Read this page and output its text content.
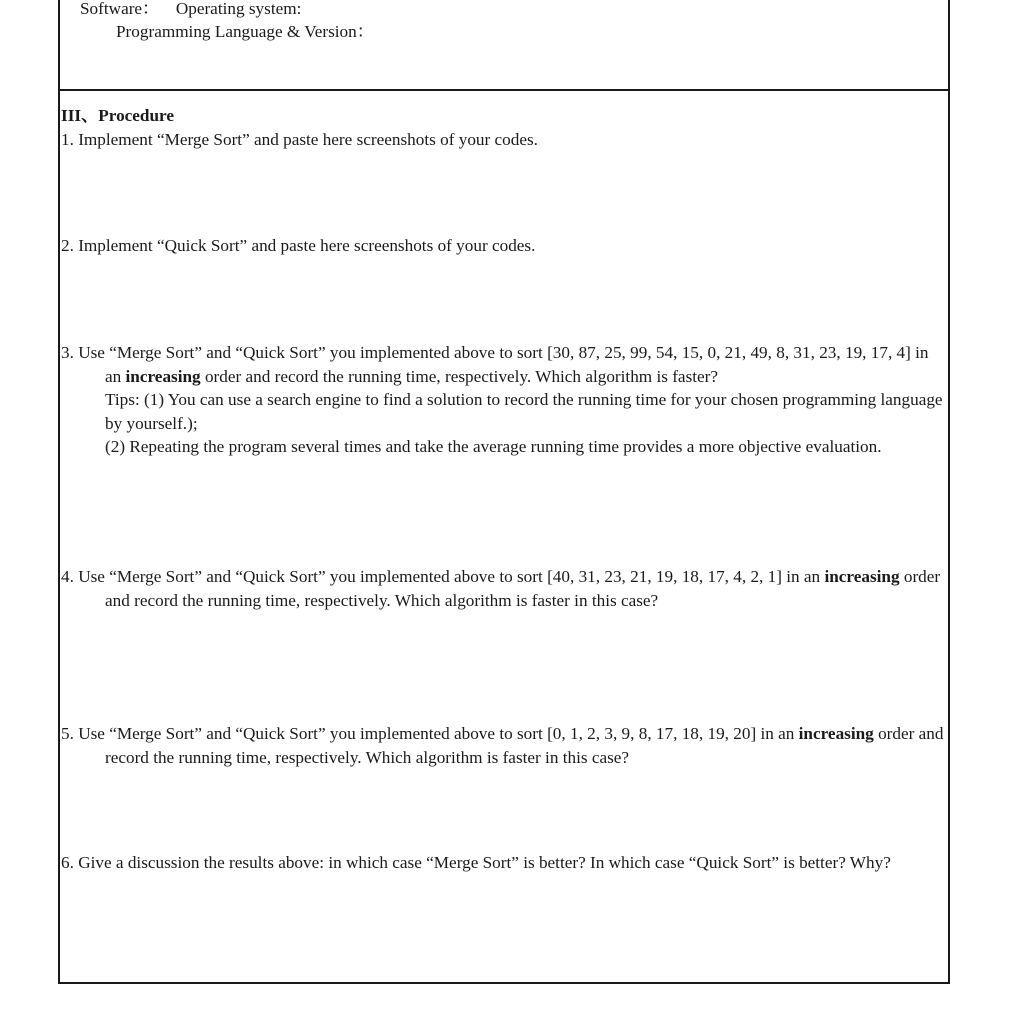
Software： Operating system:
Programming Language & Version：
III、Procedure

1. Implement “Merge Sort” and paste here screenshots of your codes.

2. Implement “Quick Sort” and paste here screenshots of your codes.

3. Use “Merge Sort” and “Quick Sort” you implemented above to sort [30, 87, 25, 99, 54, 15, 0, 21, 49, 8, 31, 23, 19, 17, 4] in an increasing order and record the running time, respectively. Which algorithm is faster?

Tips: (1) You can use a search engine to find a solution to record the running time for your chosen programming language by yourself.);

(2) Repeating the program several times and take the average running time provides a more objective evaluation.

4. Use “Merge Sort” and “Quick Sort” you implemented above to sort [40, 31, 23, 21, 19, 18, 17, 4, 2, 1] in an increasing order and record the running time, respectively. Which algorithm is faster in this case?

5. Use “Merge Sort” and “Quick Sort” you implemented above to sort [0, 1, 2, 3, 9, 8, 17, 18, 19, 20] in an increasing order and record the running time, respectively. Which algorithm is faster in this case?

6. Give a discussion the results above: in which case “Merge Sort” is better? In which case “Quick Sort” is better? Why?
